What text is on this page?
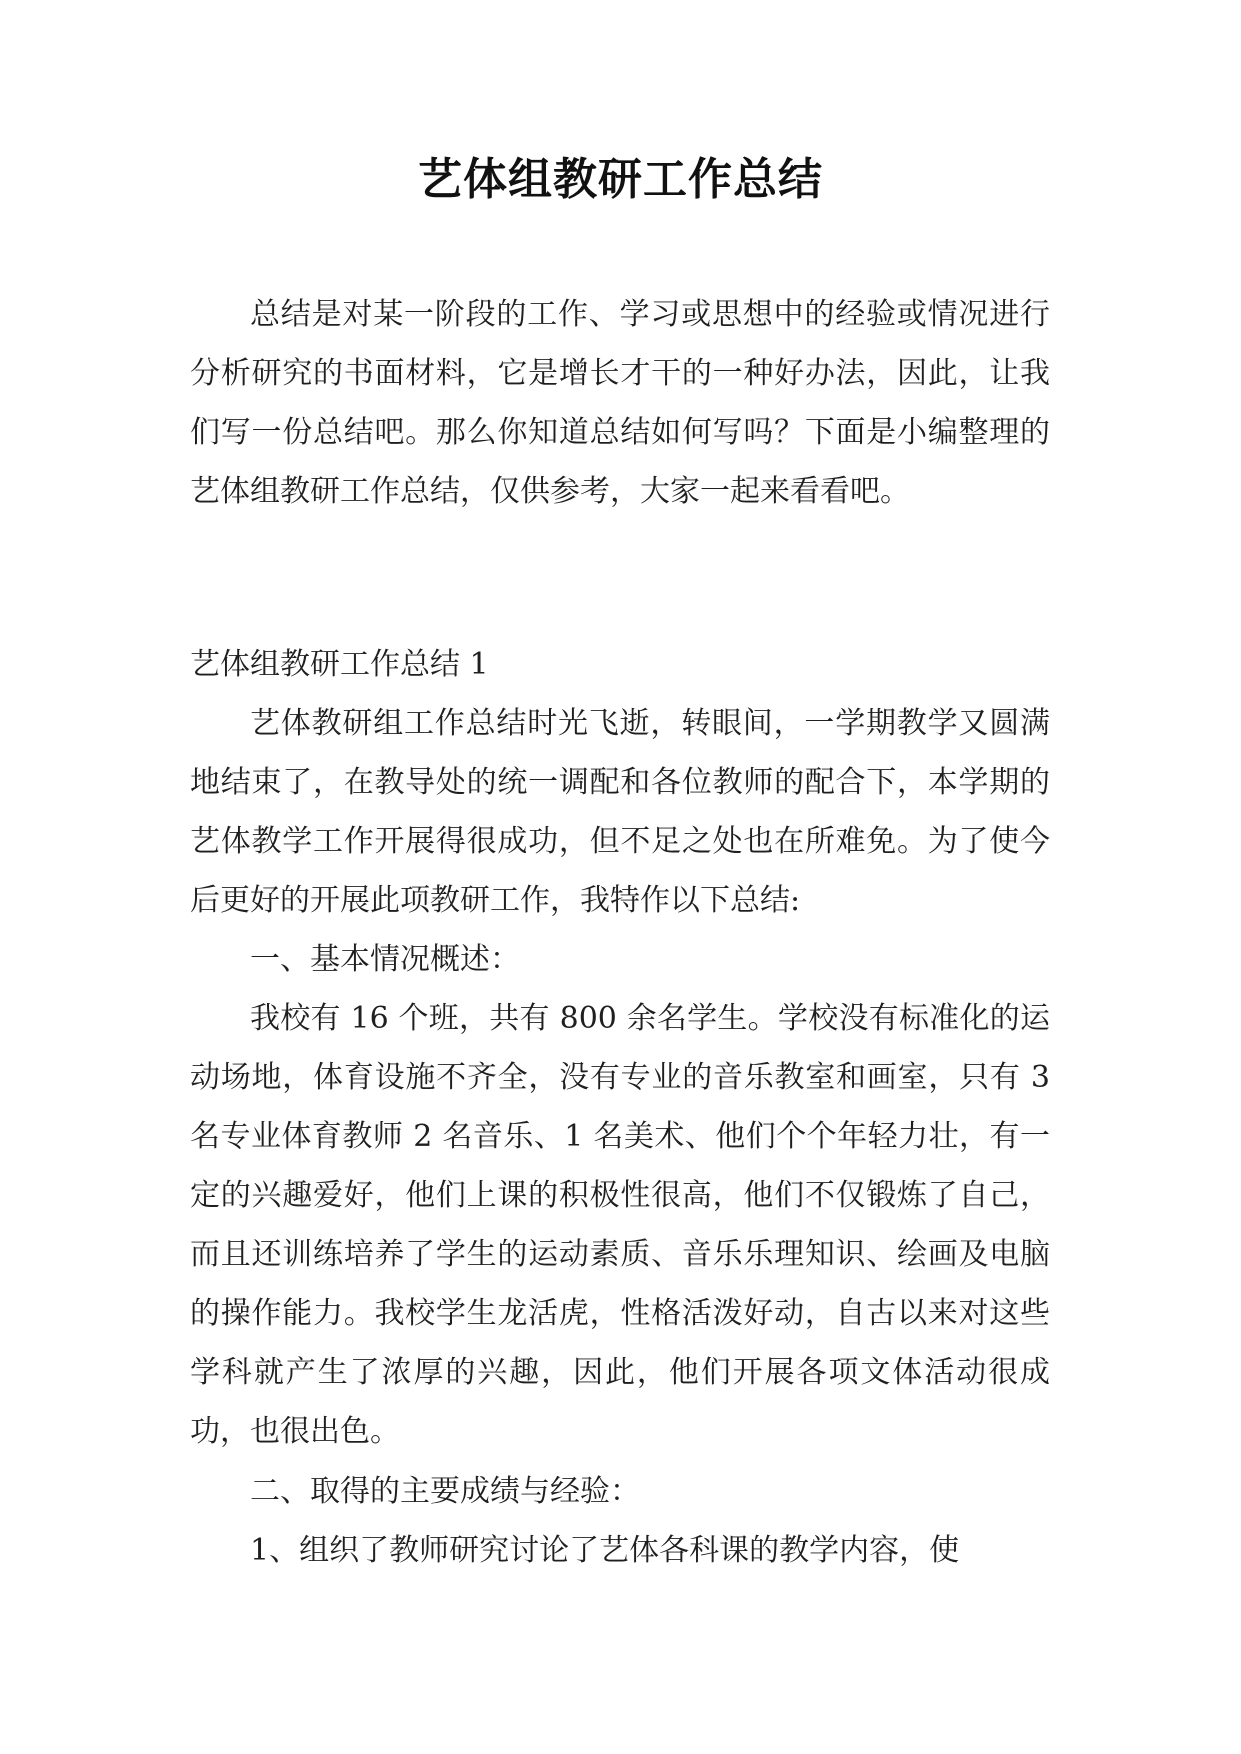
艺体组教研工作总结

总结是对某一阶段的工作、学习或思想中的经验或情况进行分析研究的书面材料，它是增长才干的一种好办法，因此，让我们写一份总结吧。那么你知道总结如何写吗？下面是小编整理的艺体组教研工作总结，仅供参考，大家一起来看看吧。

艺体组教研工作总结 1

艺体教研组工作总结时光飞逝，转眼间，一学期教学又圆满地结束了，在教导处的统一调配和各位教师的配合下，本学期的艺体教学工作开展得很成功，但不足之处也在所难免。为了使今后更好的开展此项教研工作，我特作以下总结:

一、基本情况概述：

我校有 16 个班，共有 800 余名学生。学校没有标准化的运动场地，体育设施不齐全，没有专业的音乐教室和画室，只有 3 名专业体育教师 2 名音乐、1 名美术、他们个个年轻力壮，有一定的兴趣爱好，他们上课的积极性很高，他们不仅锻炼了自己，而且还训练培养了学生的运动素质、音乐乐理知识、绘画及电脑的操作能力。我校学生龙活虎，性格活泼好动，自古以来对这些学科就产生了浓厚的兴趣，因此，他们开展各项文体活动很成功，也很出色。

二、取得的主要成绩与经验：

1、组织了教师研究讨论了艺体各科课的教学内容，使
